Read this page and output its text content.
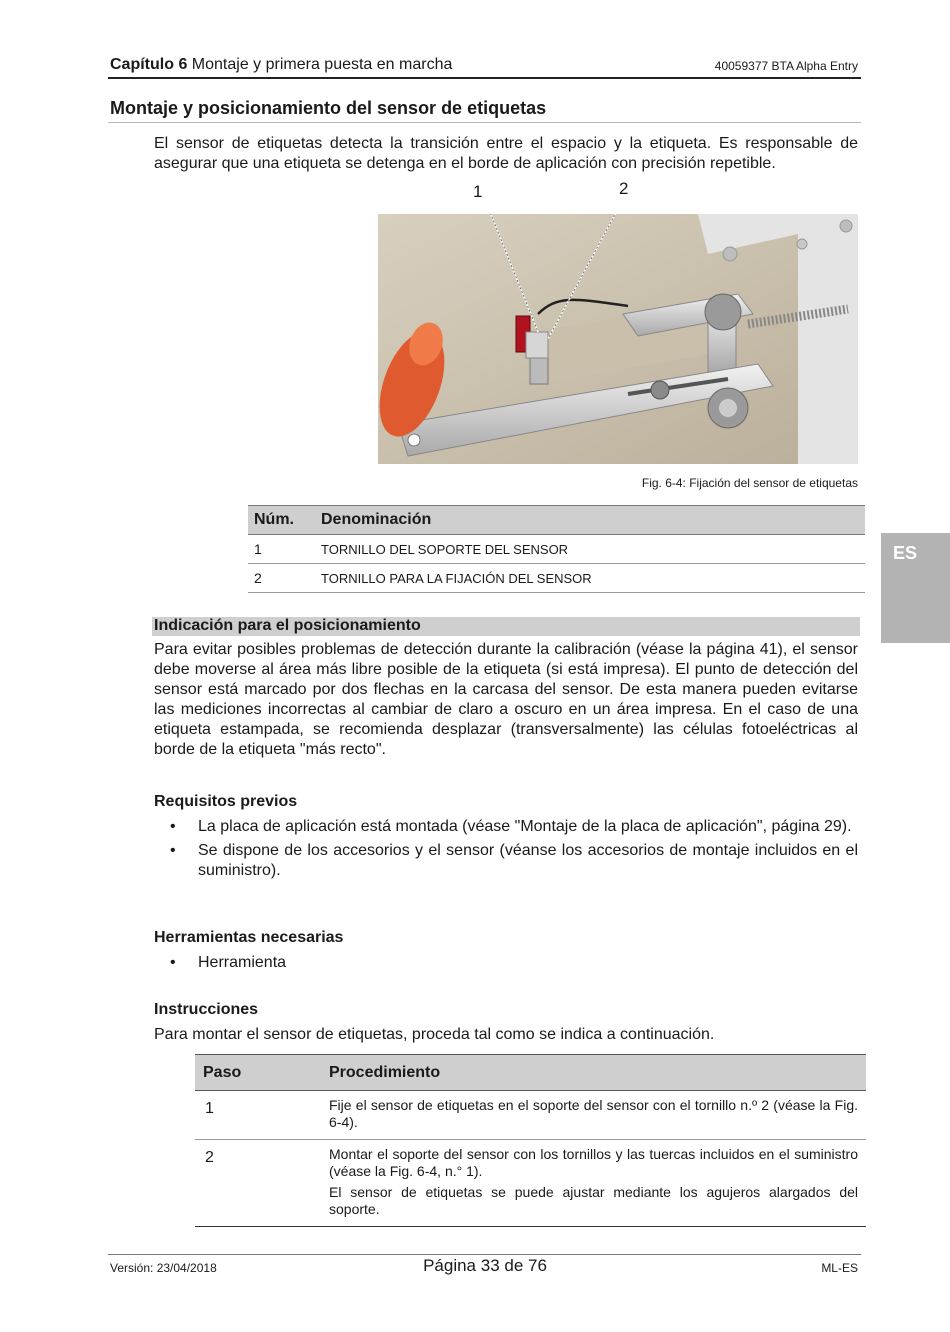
Capítulo 6 Montaje y primera puesta en marcha	40059377 BTA Alpha Entry
Montaje y posicionamiento del sensor de etiquetas
El sensor de etiquetas detecta la transición entre el espacio y la etiqueta. Es responsable de asegurar que una etiqueta se detenga en el borde de aplicación con precisión repetible.
1	2
Fig. 6-4: Fijación del sensor de etiquetas
Núm.	Denominación
1	TORNILLO DEL SOPORTE DEL SENSOR
2	TORNILLO PARA LA FIJACIÓN DEL SENSOR
ES
Indicación para el posicionamiento
Para evitar posibles problemas de detección durante la calibración (véase la página 41), el sensor debe moverse al área más libre posible de la etiqueta (si está impresa). El punto de detección del sensor está marcado por dos flechas en la carcasa del sensor. De esta manera pueden evitarse las mediciones incorrectas al cambiar de claro a oscuro en un área impresa. En el caso de una etiqueta estampada, se recomienda desplazar (transversalmente) las células fotoeléctricas al borde de la etiqueta "más recto".
Requisitos previos
• La placa de aplicación está montada (véase "Montaje de la placa de aplicación", página 29).
• Se dispone de los accesorios y el sensor (véanse los accesorios de montaje incluidos en el suministro).
Herramientas necesarias
• Herramienta
Instrucciones
Para montar el sensor de etiquetas, proceda tal como se indica a continuación.
Paso	Procedimiento
1	Fije el sensor de etiquetas en el soporte del sensor con el tornillo n.º 2 (véase la Fig. 6-4).

2	Montar el soporte del sensor con los tornillos y las tuercas incluidos en el suministro (véase la Fig. 6-4, n.° 1).
El sensor de etiquetas se puede ajustar mediante los agujeros alargados del soporte.
Versión: 23/04/2018	Página 33 de 76	ML-ES
